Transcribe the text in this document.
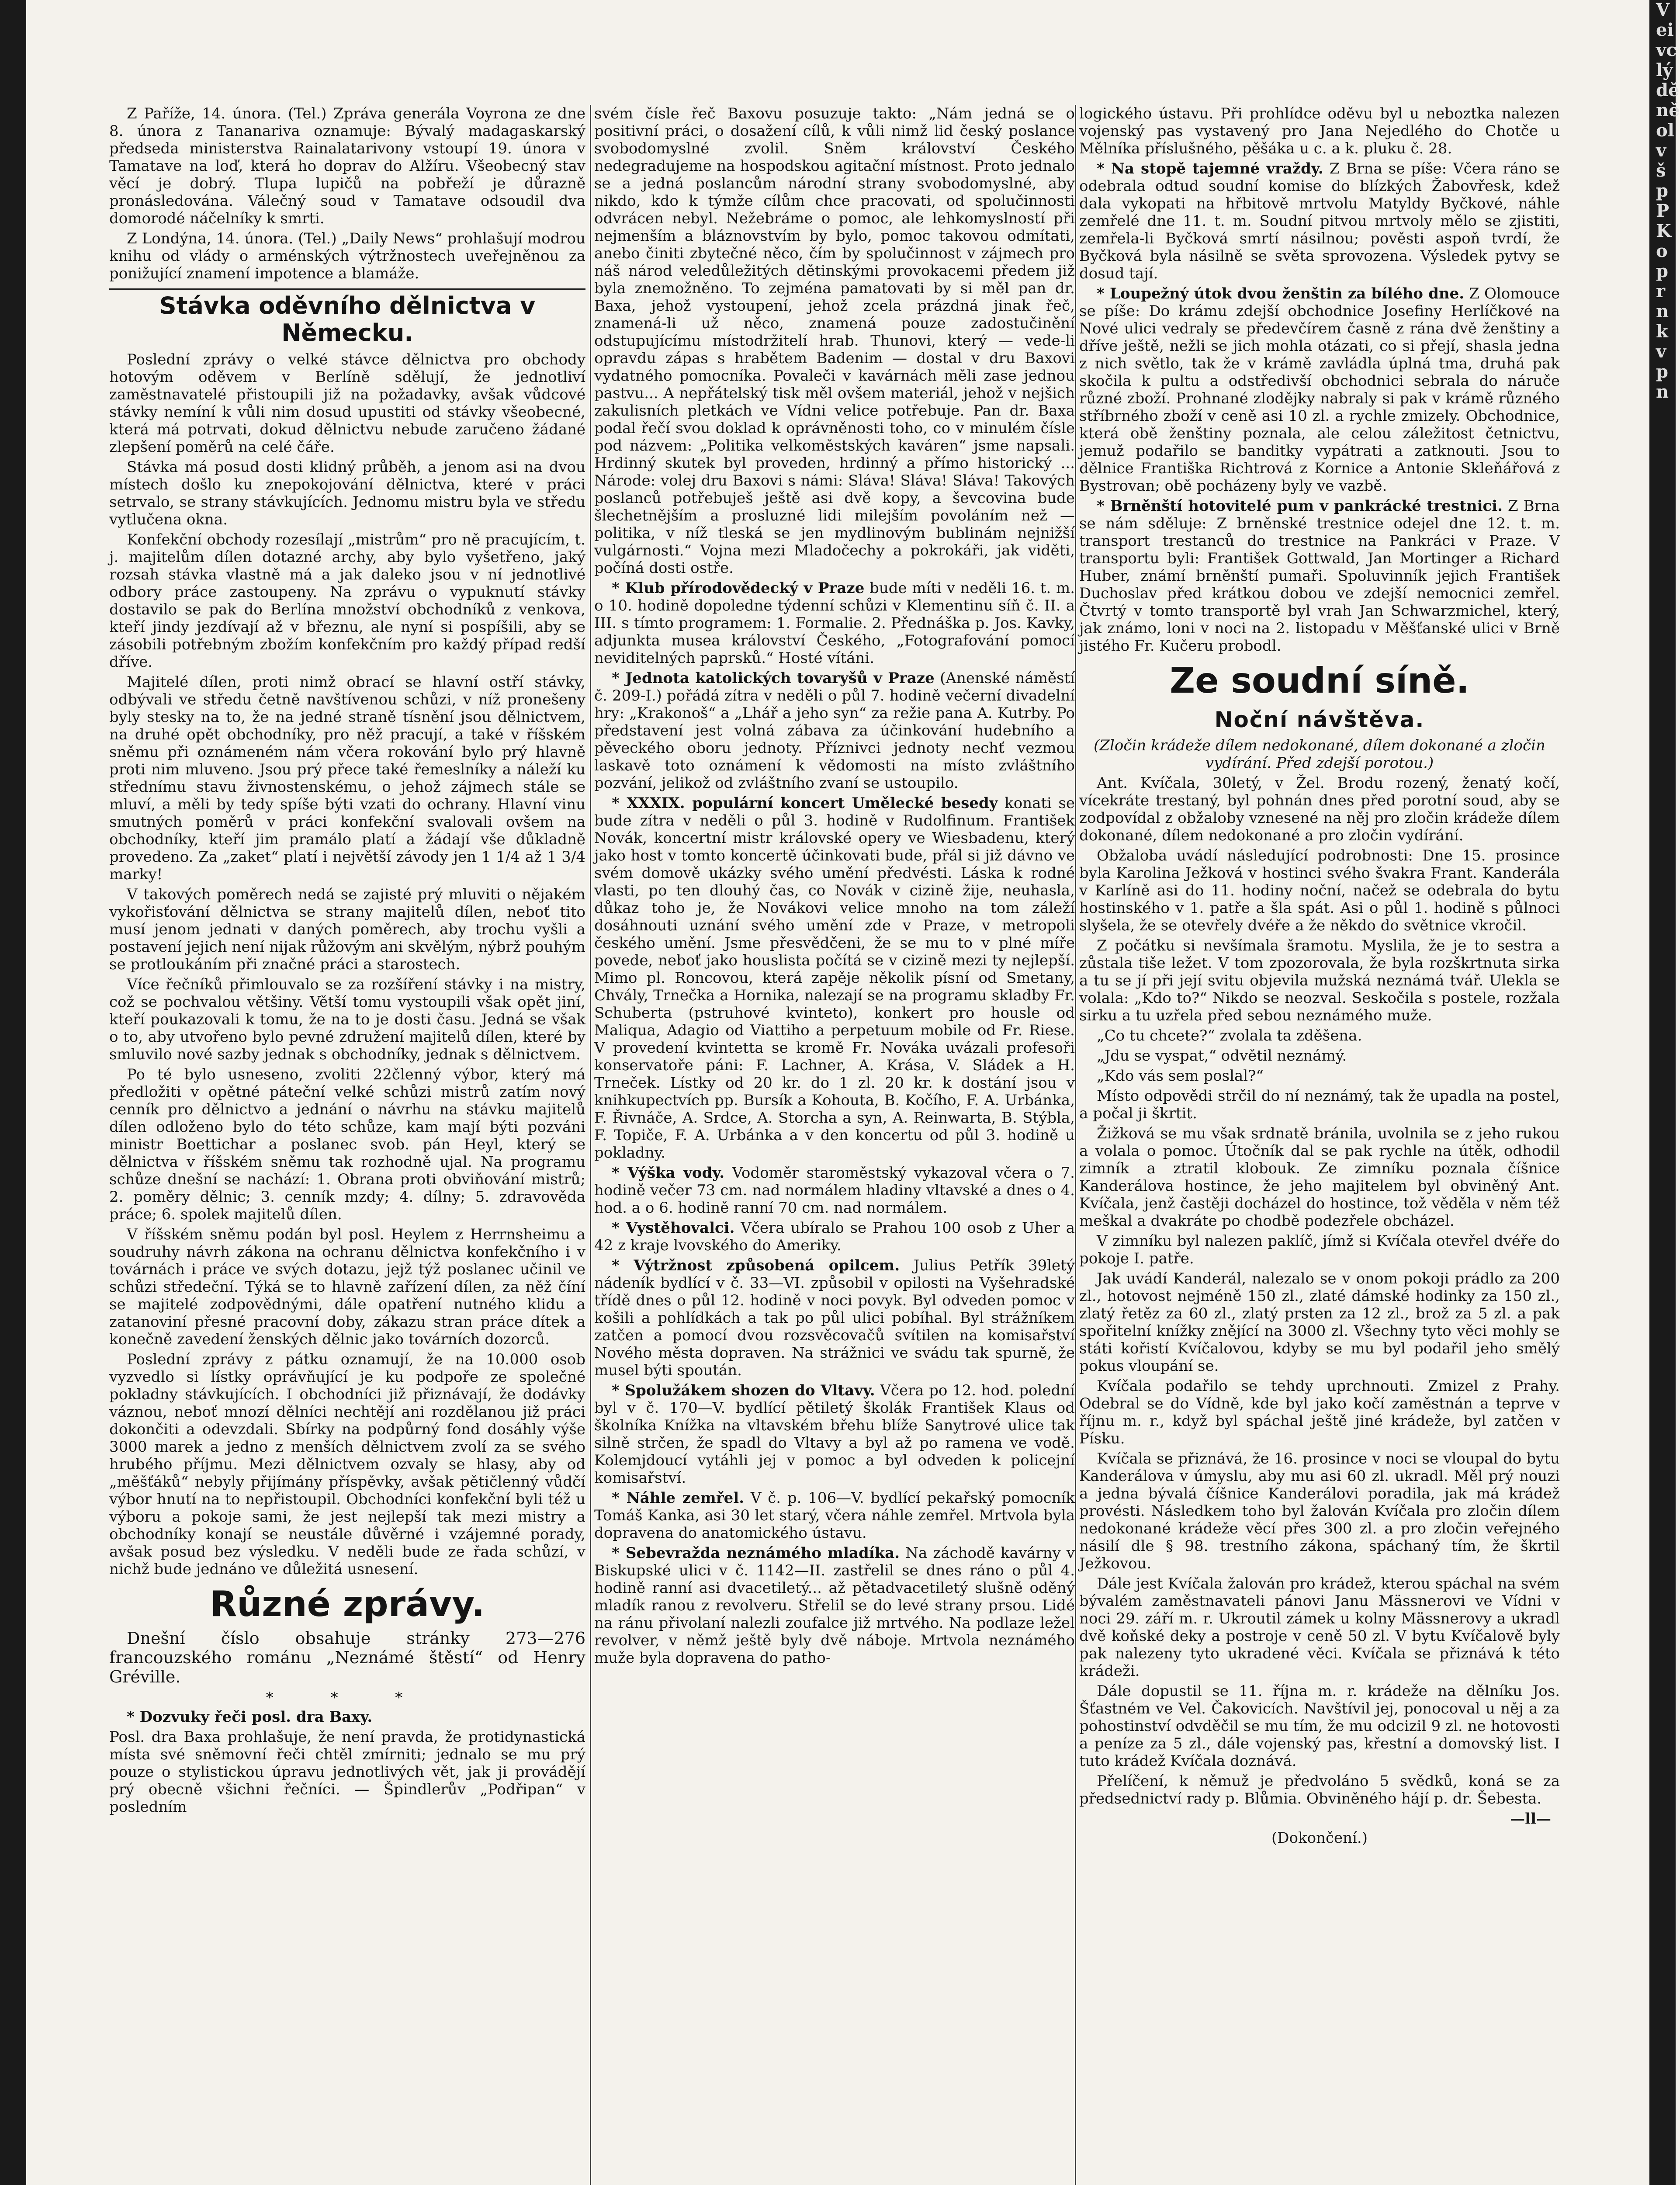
V
ei
vc
lý
dě
ně
ol
v
š
p
P
K
o
p
r
n
k
v
p
n

Z Paříže, 14. února. (Tel.) Zpráva generála Voyrona ze dne 8. února z Tananariva oznamuje: Bývalý madagaskarský předseda ministerstva Rainalatarivony vstoupí 19. února v Tamatave na loď, která ho doprav do Alžíru. Všeobecný stav věcí je dobrý. Tlupa lupičů na pobřeží je důrazně pronásledována. Válečný soud v Tamatave odsoudil dva domorodé náčelníky k smrti.

Z Londýna, 14. února. (Tel.) „Daily News“ prohlašují modrou knihu od vlády o arménských výtržnostech uveřejněnou za ponižující znamení impotence a blamáže.

Stávka oděvního dělnictva v Německu.

Poslední zprávy o velké stávce dělnictva pro obchody hotovým oděvem v Berlíně sdělují, že jednotliví zaměstnavatelé přistoupili již na požadavky, avšak vůdcové stávky nemíní k vůli nim dosud upustiti od stávky všeobecné, která má potrvati, dokud dělnictvu nebude zaručeno žádané zlepšení poměrů na celé čáře.

Stávka má posud dosti klidný průběh, a jenom asi na dvou místech došlo ku znepokojování dělnictva, které v práci setrvalo, se strany stávkujících. Jednomu mistru byla ve středu vytlučena okna.

Konfekční obchody rozesílají „mistrům“ pro ně pracujícím, t. j. majitelům dílen dotazné archy, aby bylo vyšetřeno, jaký rozsah stávka vlastně má a jak daleko jsou v ní jednotlivé odbory práce zastoupeny. Na zprávu o vypuknutí stávky dostavilo se pak do Berlína množství obchodníků z venkova, kteří jindy jezdívají až v březnu, ale nyní si pospíšili, aby se zásobili potřebným zbožím konfekčním pro každý případ redší dříve.

Majitelé dílen, proti nimž obrací se hlavní ostří stávky, odbývali ve středu četně navštívenou schůzi, v níž pronešeny byly stesky na to, že na jedné straně tísnění jsou dělnictvem, na druhé opět obchodníky, pro něž pracují, a také v říšském sněmu při oznámeném nám včera rokování bylo prý hlavně proti nim mluveno. Jsou prý přece také řemeslníky a náleží ku střednímu stavu živnostenskému, o jehož zájmech stále se mluví, a měli by tedy spíše býti vzati do ochrany. Hlavní vinu smutných poměrů v práci konfekční svalovali ovšem na obchodníky, kteří jim pramálo platí a žádají vše důkladně provedeno. Za „zaket“ platí i největší závody jen 1 1/4 až 1 3/4 marky!

V takových poměrech nedá se zajisté prý mluviti o nějakém vykořisťování dělnictva se strany majitelů dílen, neboť tito musí jenom jednati v daných poměrech, aby trochu vyšli a postavení jejich není nijak růžovým ani skvělým, nýbrž pouhým se protloukáním při značné práci a starostech.

Více řečníků přimlouvalo se za rozšíření stávky i na mistry, což se pochvalou většiny. Větší tomu vystoupili však opět jiní, kteří poukazovali k tomu, že na to je dosti času. Jedná se však o to, aby utvořeno bylo pevné združení majitelů dílen, které by smluvilo nové sazby jednak s obchodníky, jednak s dělnictvem.

Po té bylo usneseno, zvoliti 22členný výbor, který má předložiti v opětné páteční velké schůzi mistrů zatím nový cenník pro dělnictvo a jednání o návrhu na stávku majitelů dílen odloženo bylo do této schůze, kam mají býti pozváni ministr Boettichar a poslanec svob. pán Heyl, který se dělnictva v říšském sněmu tak rozhodně ujal. Na programu schůze dnešní se nachází: 1. Obrana proti obviňování mistrů; 2. poměry dělnic; 3. cenník mzdy; 4. dílny; 5. zdravověda práce; 6. spolek majitelů dílen.

V říšském sněmu podán byl posl. Heylem z Herrnsheimu a soudruhy návrh zákona na ochranu dělnictva konfekčního i v továrnách i práce ve svých dotazu, jejž týž poslanec učinil ve schůzi středeční. Týká se to hlavně zařízení dílen, za něž číní se majitelé zodpovědnými, dále opatření nutného klidu a zatanoviní přesné pracovní doby, zákazu stran práce dítek a konečně zavedení ženských dělnic jako továrních dozorců.

Poslední zprávy z pátku oznamují, že na 10.000 osob vyzvedlo si lístky oprávňující je ku podpoře ze společné pokladny stávkujících. I obchodníci již přiznávají, že dodávky váznou, neboť mnozí dělníci nechtějí ani rozdělanou již práci dokončiti a odevzdali. Sbírky na podpůrný fond dosáhly výše 3000 marek a jedno z menších dělnictvem zvolí za se svého hrubého příjmu. Mezi dělnictvem ozvaly se hlasy, aby od „měšťáků“ nebyly přijímány příspěvky, avšak pětičlenný vůdčí výbor hnutí na to nepřistoupil. Obchodníci konfekční byli též u výboru a pokoje sami, že jest nejlepší tak mezi mistry a obchodníky konají se neustále důvěrné i vzájemné porady, avšak posud bez výsledku. V neděli bude ze řada schůzí, v nichž bude jednáno ve důležitá usnesení.

Různé zprávy.

Dnešní číslo obsahuje stránky 273—276 francouzského románu „Neznámé štěstí“ od Henry Gréville.

* * *

* Dozvuky řeči posl. dra Baxy.

Posl. dra Baxa prohlašuje, že není pravda, že protidynastická místa své sněmovní řeči chtěl zmírniti; jednalo se mu prý pouze o stylistickou úpravu jednotlivých vět, jak ji provádějí prý obecně všichni řečníci. — Špindlerův „Podřipan“ v posledním

svém čísle řeč Baxovu posuzuje takto: „Nám jedná se o positivní práci, o dosažení cílů, k vůli nimž lid český poslance svobodomyslné zvolil. Sněm království Českého nedegradujeme na hospodskou agitační místnost. Proto jednalo se a jedná poslancům národní strany svobodomyslné, aby nikdo, kdo k týmže cílům chce pracovati, od spolučinnosti odvrácen nebyl. Nežebráme o pomoc, ale lehkomyslností při nejmenším a bláznovstvím by bylo, pomoc takovou odmítati, anebo činiti zbytečné něco, čím by spolučinnost v zájmech pro náš národ veledůležitých dětinskými provokacemi předem již byla znemožněno. To zejména pamatovati by si měl pan dr. Baxa, jehož vystoupení, jehož zcela prázdná jinak řeč, znamená-li už něco, znamená pouze zadostučinění odstupujícímu místodržitelí hrab. Thunovi, který — vede-li opravdu zápas s hrabětem Badenim — dostal v dru Baxovi vydatného pomocníka. Povaleči v kavárnách měli zase jednou pastvu... A nepřátelský tisk měl ovšem materiál, jehož v nejšich zakulisních pletkách ve Vídni velice potřebuje. Pan dr. Baxa podal řečí svou doklad k oprávněnosti toho, co v minulém čísle pod názvem: „Politika velkoměstských kaváren“ jsme napsali. Hrdinný skutek byl proveden, hrdinný a přímo historický ... Národe: volej dru Baxovi s námi: Sláva! Sláva! Sláva! Takových poslanců potřebuješ ještě asi dvě kopy, a ševcovina bude šlechetnějším a prosluzné lidi milejším povoláním než — politika, v níž tleská se jen mydlinovým bublinám nejnižší vulgárnosti.“ Vojna mezi Mladočechy a pokrokáři, jak viděti, počíná dosti ostře.

* Klub přírodovědecký v Praze bude míti v neděli 16. t. m. o 10. hodině dopoledne týdenní schůzi v Klementinu síň č. II. a III. s tímto programem: 1. Formalie. 2. Přednáška p. Jos. Kavky, adjunkta musea království Českého, „Fotografování pomocí neviditelných paprsků.“ Hosté vítáni.

* Jednota katolických tovaryšů v Praze (Anenské náměstí č. 209-I.) pořádá zítra v neděli o půl 7. hodině večerní divadelní hry: „Krakonoš“ a „Lhář a jeho syn“ za režie pana A. Kutrby. Po představení jest volná zábava za účinkování hudebního a pěveckého oboru jednoty. Příznivci jednoty nechť vezmou laskavě toto oznámení k vědomosti na místo zvláštního pozvání, jelikož od zvláštního zvaní se ustoupilo.

* XXXIX. populární koncert Umělecké besedy konati se bude zítra v neděli o půl 3. hodině v Rudolfinum. František Novák, koncertní mistr královské opery ve Wiesbadenu, který jako host v tomto koncertě účinkovati bude, přál si již dávno ve svém domově ukázky svého umění předvésti. Láska k rodné vlasti, po ten dlouhý čas, co Novák v cizině žije, neuhasla, důkaz toho je, že Novákovi velice mnoho na tom záleží dosáhnouti uznání svého umění zde v Praze, v metropoli českého umění. Jsme přesvědčeni, že se mu to v plné míře povede, neboť jako houslista počítá se v cizině mezi ty nejlepší. Mimo pl. Roncovou, která zapěje několik písní od Smetany, Chvály, Trnečka a Hornika, nalezají se na programu skladby Fr. Schuberta (pstruhové kvinteto), konkert pro housle od Maliqua, Adagio od Viattiho a perpetuum mobile od Fr. Riese. V provedení kvintetta se kromě Fr. Nováka uvázali profesoři konservatoře páni: F. Lachner, A. Krása, V. Sládek a H. Trneček. Lístky od 20 kr. do 1 zl. 20 kr. k dostání jsou v knihkupectvích pp. Bursík a Kohouta, B. Kočího, F. A. Urbánka, F. Řivnáče, A. Srdce, A. Storcha a syn, A. Reinwarta, B. Stýbla, F. Topiče, F. A. Urbánka a v den koncertu od půl 3. hodině u pokladny.

* Výška vody. Vodoměr staroměstský vykazoval včera o 7. hodině večer 73 cm. nad normálem hladiny vltavské a dnes o 4. hod. a o 6. hodině ranní 70 cm. nad normálem.

* Vystěhovalci. Včera ubíralo se Prahou 100 osob z Uher a 42 z kraje lvovského do Ameriky.

* Výtržnost způsobená opilcem. Julius Petřík 39letý nádeník bydlící v č. 33—VI. způsobil v opilosti na Vyšehradské třídě dnes o půl 12. hodině v noci povyk. Byl odveden pomoc v košili a pohlídkách a tak po půl ulici pobíhal. Byl strážníkem zatčen a pomocí dvou rozsvěcovačů svítilen na komisařství Nového města dopraven. Na strážnici ve svádu tak spurně, že musel býti spoután.

* Spolužákem shozen do Vltavy. Včera po 12. hod. polední byl v č. 170—V. bydlící pětiletý školák František Klaus od školníka Knížka na vltavském břehu blíže Sanytrové ulice tak silně strčen, že spadl do Vltavy a byl až po ramena ve vodě. Kolemjdoucí vytáhli jej v pomoc a byl odveden k policejní komisařství.

* Náhle zemřel. V č. p. 106—V. bydlící pekařský pomocník Tomáš Kanka, asi 30 let starý, včera náhle zemřel. Mrtvola byla dopravena do anatomického ústavu.

* Sebevražda neznámého mladíka. Na záchodě kavárny v Biskupské ulici v č. 1142—II. zastřelil se dnes ráno o půl 4. hodině ranní asi dvacetiletý... až pětadvacetiletý slušně oděný mladík ranou z revolveru. Střelil se do levé strany prsou. Lidé na ránu přivolaní nalezli zoufalce již mrtvého. Na podlaze ležel revolver, v němž ještě byly dvě náboje. Mrtvola neznámého muže byla dopravena do patho-

logického ústavu. Při prohlídce oděvu byl u neboztka nalezen vojenský pas vystavený pro Jana Nejedlého do Chotče u Mělníka příslušného, pěšáka u c. a k. pluku č. 28.

* Na stopě tajemné vraždy. Z Brna se píše: Včera ráno se odebrala odtud soudní komise do blízkých Žabovřesk, kdež dala vykopati na hřbitově mrtvolu Matyldy Byčkové, náhle zemřelé dne 11. t. m. Soudní pitvou mrtvoly mělo se zjistiti, zemřela-li Byčková smrtí násilnou; pověsti aspoň tvrdí, že Byčková byla násilně se světa sprovozena. Výsledek pytvy se dosud tají.

* Loupežný útok dvou ženštin za bílého dne. Z Olomouce se píše: Do krámu zdejší obchodnice Josefiny Herlíčkové na Nové ulici vedraly se předevčírem časně z rána dvě ženštiny a dříve ještě, nežli se jich mohla otázati, co si přejí, shasla jedna z nich světlo, tak že v krámě zavládla úplná tma, druhá pak skočila k pultu a odstředivší obchodnici sebrala do náruče různé zboží. Prohnané zlodějky nabraly si pak v krámě různého stříbrného zboží v ceně asi 10 zl. a rychle zmizely. Obchodnice, která obě ženštiny poznala, ale celou záležitost četnictvu, jemuž podařilo se banditky vypátrati a zatknouti. Jsou to dělnice Františka Richtrová z Kornice a Antonie Skleňářová z Bystrovan; obě pocházeny byly ve vazbě.

* Brněnští hotovitelé pum v pankrácké trestnici. Z Brna se nám sděluje: Z brněnské trestnice odejel dne 12. t. m. transport trestanců do trestnice na Pankráci v Praze. V transportu byli: František Gottwald, Jan Mortinger a Richard Huber, známí brněnští pumaři. Spoluvinník jejich František Duchoslav před krátkou dobou ve zdejší nemocnici zemřel. Čtvrtý v tomto transportě byl vrah Jan Schwarzmichel, který, jak známo, loni v noci na 2. listopadu v Měšťanské ulici v Brně jistého Fr. Kučeru probodl.

Ze soudní síně.
Noční návštěva.

(Zločin krádeže dílem nedokonané, dílem dokonané a zločin vydírání. Před zdejší porotou.)

Ant. Kvíčala, 30letý, v Žel. Brodu rozený, ženatý kočí, vícekráte trestaný, byl pohnán dnes před porotní soud, aby se zodpovídal z obžaloby vznesené na něj pro zločin krádeže dílem dokonané, dílem nedokonané a pro zločin vydírání.

Obžaloba uvádí následující podrobnosti: Dne 15. prosince byla Karolina Ježková v hostinci svého švakra Frant. Kanderála v Karlíně asi do 11. hodiny noční, načež se odebrala do bytu hostinského v 1. patře a šla spát. Asi o půl 1. hodině s půlnoci slyšela, že se otevřely dvéře a že někdo do světnice vkročil.

Z počátku si nevšímala šramotu. Myslila, že je to sestra a zůstala tiše ležet. V tom zpozorovala, že byla rozškrtnuta sirka a tu se jí při její svitu objevila mužská neznámá tvář. Ulekla se volala: „Kdo to?“ Nikdo se neozval. Seskočila s postele, rozžala sirku a tu uzřela před sebou neznámého muže.

„Co tu chcete?“ zvolala ta zděšena.

„Jdu se vyspat,“ odvětil neznámý.

„Kdo vás sem poslal?“

Místo odpovědi strčil do ní neznámý, tak že upadla na postel, a počal ji škrtit.

Žižková se mu však srdnatě bránila, uvolnila se z jeho rukou a volala o pomoc. Útočník dal se pak rychle na útěk, odhodil zimník a ztratil klobouk. Ze zimníku poznala číšnice Kanderálova hostince, že jeho majitelem byl obviněný Ant. Kvíčala, jenž častěji docházel do hostince, tož věděla v něm též meškal a dvakráte po chodbě podezřele obcházel.

V zimníku byl nalezen paklíč, jímž si Kvíčala otevřel dvéře do pokoje I. patře.

Jak uvádí Kanderál, nalezalo se v onom pokoji prádlo za 200 zl., hotovost nejméně 150 zl., zlaté dámské hodinky za 150 zl., zlatý řetěz za 60 zl., zlatý prsten za 12 zl., brož za 5 zl. a pak spořitelní knížky znějící na 3000 zl. Všechny tyto věci mohly se státi kořistí Kvíčalovou, kdyby se mu byl podařil jeho smělý pokus vloupání se.

Kvíčala podařilo se tehdy uprchnouti. Zmizel z Prahy. Odebral se do Vídně, kde byl jako kočí zaměstnán a teprve v říjnu m. r., když byl spáchal ještě jiné krádeže, byl zatčen v Písku.

Kvíčala se přiznává, že 16. prosince v noci se vloupal do bytu Kanderálova v úmyslu, aby mu asi 60 zl. ukradl. Měl prý nouzi a jedna bývalá číšnice Kanderálovi poradila, jak má krádež provésti. Následkem toho byl žalován Kvíčala pro zločin dílem nedokonané krádeže věcí přes 300 zl. a pro zločin veřejného násilí dle § 98. trestního zákona, spáchaný tím, že škrtil Ježkovou.

Dále jest Kvíčala žalován pro krádež, kterou spáchal na svém bývalém zaměstnavateli pánovi Janu Mässnerovi ve Vídni v noci 29. září m. r. Ukroutil zámek u kolny Mässnerovy a ukradl dvě koňské deky a postroje v ceně 50 zl. V bytu Kvíčalově byly pak nalezeny tyto ukradené věci. Kvíčala se přiznává k této krádeži.

Dále dopustil se 11. října m. r. krádeže na dělníku Jos. Šťastném ve Vel. Čakovicích. Navštívil jej, ponocoval u něj a za pohostinství odvděčil se mu tím, že mu odcizil 9 zl. ne hotovosti a peníze za 5 zl., dále vojenský pas, křestní a domovský list. I tuto krádež Kvíčala doznává.

Přelíčení, k němuž je předvoláno 5 svědků, koná se za předsednictví rady p. Blůmia. Obviněného hájí p. dr. Šebesta.

—ll—
(Dokončení.)
